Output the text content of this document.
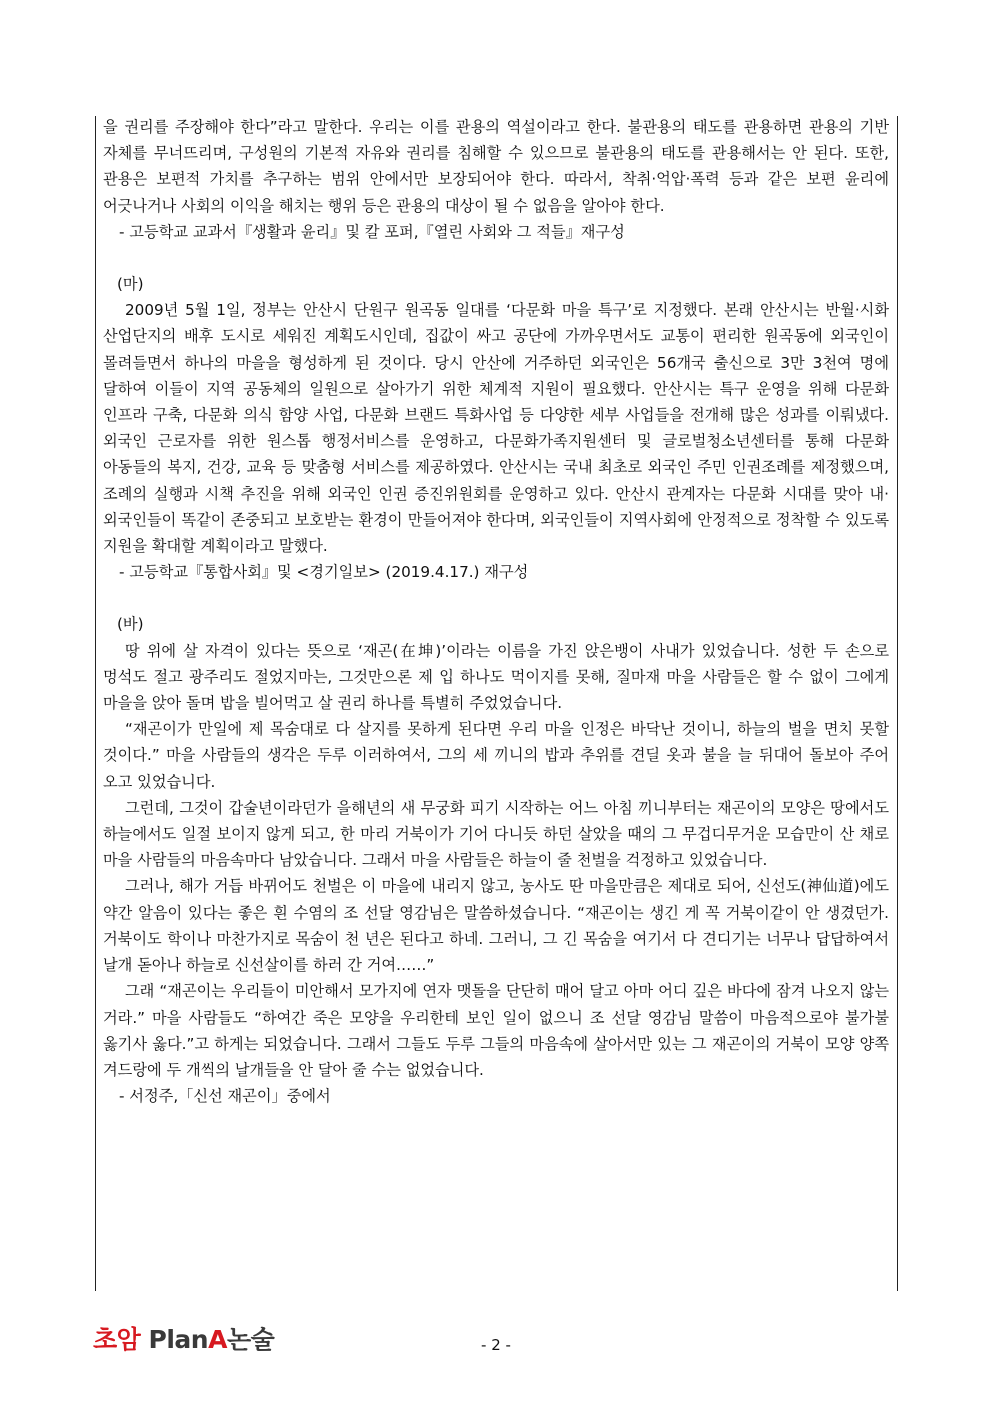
을 권리를 주장해야 한다”라고 말한다. 우리는 이를 관용의 역설이라고 한다. 불관용의 태도를 관용하면 관용의 기반 자체를 무너뜨리며, 구성원의 기본적 자유와 권리를 침해할 수 있으므로 불관용의 태도를 관용해서는 안 된다. 또한, 관용은 보편적 가치를 추구하는 범위 안에서만 보장되어야 한다. 따라서, 착취·억압·폭력 등과 같은 보편 윤리에 어긋나거나 사회의 이익을 해치는 행위 등은 관용의 대상이 될 수 없음을 알아야 한다.

- 고등학교 교과서『생활과 윤리』및 칼 포퍼,『열린 사회와 그 적들』재구성
(마)

2009년 5월 1일, 정부는 안산시 단원구 원곡동 일대를 ‘다문화 마을 특구’로 지정했다. 본래 안산시는 반월·시화 산업단지의 배후 도시로 세워진 계획도시인데, 집값이 싸고 공단에 가까우면서도 교통이 편리한 원곡동에 외국인이 몰려들면서 하나의 마을을 형성하게 된 것이다. 당시 안산에 거주하던 외국인은 56개국 출신으로 3만 3천여 명에 달하여 이들이 지역 공동체의 일원으로 살아가기 위한 체계적 지원이 필요했다. 안산시는 특구 운영을 위해 다문화 인프라 구축, 다문화 의식 함양 사업, 다문화 브랜드 특화사업 등 다양한 세부 사업들을 전개해 많은 성과를 이뤄냈다. 외국인 근로자를 위한 원스톱 행정서비스를 운영하고, 다문화가족지원센터 및 글로벌청소년센터를 통해 다문화 아동들의 복지, 건강, 교육 등 맞춤형 서비스를 제공하였다. 안산시는 국내 최초로 외국인 주민 인권조례를 제정했으며, 조례의 실행과 시책 추진을 위해 외국인 인권 증진위원회를 운영하고 있다. 안산시 관계자는 다문화 시대를 맞아 내·외국인들이 똑같이 존중되고 보호받는 환경이 만들어져야 한다며, 외국인들이 지역사회에 안정적으로 정착할 수 있도록 지원을 확대할 계획이라고 말했다.

- 고등학교『통합사회』및 <경기일보> (2019.4.17.) 재구성
(바)

땅 위에 살 자격이 있다는 뜻으로 ‘재곤(在坤)’이라는 이름을 가진 앉은뱅이 사내가 있었습니다. 성한 두 손으로 멍석도 절고 광주리도 절었지마는, 그것만으론 제 입 하나도 먹이지를 못해, 질마재 마을 사람들은 할 수 없이 그에게 마을을 앉아 돌며 밥을 빌어먹고 살 권리 하나를 특별히 주었었습니다.

“재곤이가 만일에 제 목숨대로 다 살지를 못하게 된다면 우리 마을 인정은 바닥난 것이니, 하늘의 벌을 면치 못할 것이다.” 마을 사람들의 생각은 두루 이러하여서, 그의 세 끼니의 밥과 추위를 견딜 옷과 불을 늘 뒤대어 돌보아 주어 오고 있었습니다.

그런데, 그것이 갑술년이라던가 을해년의 새 무궁화 피기 시작하는 어느 아침 끼니부터는 재곤이의 모양은 땅에서도 하늘에서도 일절 보이지 않게 되고, 한 마리 거북이가 기어 다니듯 하던 살았을 때의 그 무겁디무거운 모습만이 산 채로 마을 사람들의 마음속마다 남았습니다. 그래서 마을 사람들은 하늘이 줄 천벌을 걱정하고 있었습니다.

그러나, 해가 거듭 바뀌어도 천벌은 이 마을에 내리지 않고, 농사도 딴 마을만큼은 제대로 되어, 신선도(神仙道)에도 약간 알음이 있다는 좋은 흰 수염의 조 선달 영감님은 말씀하셨습니다. “재곤이는 생긴 게 꼭 거북이같이 안 생겼던가. 거북이도 학이나 마찬가지로 목숨이 천 년은 된다고 하네. 그러니, 그 긴 목숨을 여기서 다 견디기는 너무나 답답하여서 날개 돋아나 하늘로 신선살이를 하러 간 거여……”

그래 “재곤이는 우리들이 미안해서 모가지에 연자 맷돌을 단단히 매어 달고 아마 어디 깊은 바다에 잠겨 나오지 않는 거라.” 마을 사람들도 “하여간 죽은 모양을 우리한테 보인 일이 없으니 조 선달 영감님 말씀이 마음적으로야 불가불 옳기사 옳다.”고 하게는 되었습니다. 그래서 그들도 두루 그들의 마음속에 살아서만 있는 그 재곤이의 거북이 모양 양쪽 겨드랑에 두 개씩의 날개들을 안 달아 줄 수는 없었습니다.

- 서정주,「신선 재곤이」중에서
초암 PlanA논술	- 2 -
